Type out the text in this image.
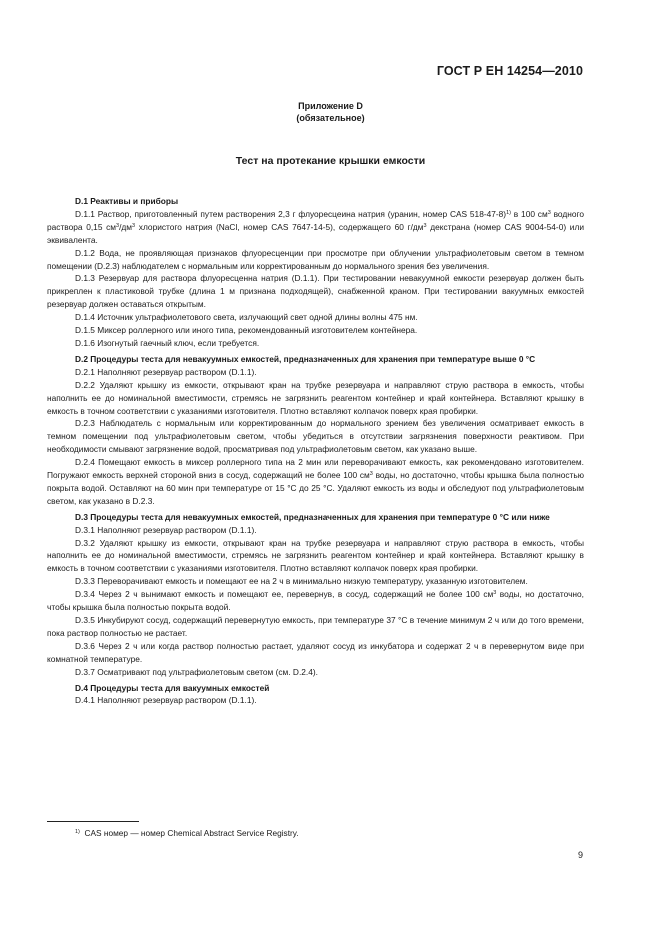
ГОСТ Р ЕН 14254—2010
Приложение D
(обязательное)
Тест на протекание крышки емкости

D.1 Реактивы и приборы

D.1.1 Раствор, приготовленный путем растворения 2,3 г флуоресцеина натрия (уранин, номер CAS 518-47-8)$^{1)}$ в 100 $см^3$ водного раствора 0,15 $см^3/дм^3$ хлористого натрия (NaCl, номер CAS 7647-14-5), содержащего 60 $г/дм^3$ декстрана (номер CAS 9004-54-0) или эквивалента.

D.1.2 Вода, не проявляющая признаков флуоресценции при просмотре при облучении ультрафиолетовым светом в темном помещении (D.2.3) наблюдателем с нормальным или корректированным до нормального зрения без увеличения.

D.1.3 Резервуар для раствора флуоресценна натрия (D.1.1). При тестировании невакуумной емкости резервуар должен быть прикреплен к пластиковой трубке (длина 1 м признана подходящей), снабженной краном. При тестировании вакуумных емкостей резервуар должен оставаться открытым.

D.1.4 Источник ультрафиолетового света, излучающий свет одной длины волны 475 нм.

D.1.5 Миксер роллерного или иного типа, рекомендованный изготовителем контейнера.

D.1.6 Изогнутый гаечный ключ, если требуется.

D.2 Процедуры теста для невакуумных емкостей, предназначенных для хранения при температуре выше 0 °С

D.2.1 Наполняют резервуар раствором (D.1.1).

D.2.2 Удаляют крышку из емкости, открывают кран на трубке резервуара и направляют струю раствора в емкость, чтобы наполнить ее до номинальной вместимости, стремясь не загрязнить реагентом контейнер и край контейнера. Вставляют крышку в емкость в точном соответствии с указаниями изготовителя. Плотно вставляют колпачок поверх края пробирки.

D.2.3 Наблюдатель с нормальным или корректированным до нормального зрением без увеличения осматривает емкость в темном помещении под ультрафиолетовым светом, чтобы убедиться в отсутствии загрязнения поверхности реактивом. При необходимости смывают загрязнение водой, просматривая под ультрафиолетовым светом, как указано выше.

D.2.4 Помещают емкость в миксер роллерного типа на 2 мин или переворачивают емкость, как рекомендовано изготовителем. Погружают емкость верхней стороной вниз в сосуд, содержащий не более 100 $см^3$ воды, но достаточно, чтобы крышка была полностью покрыта водой. Оставляют на 60 мин при температуре от 15 °С до 25 °С. Удаляют емкость из воды и обследуют под ультрафиолетовым светом, как указано в D.2.3.

D.3 Процедуры теста для невакуумных емкостей, предназначенных для хранения при температуре 0 °С или ниже

D.3.1 Наполняют резервуар раствором (D.1.1).

D.3.2 Удаляют крышку из емкости, открывают кран на трубке резервуара и направляют струю раствора в емкость, чтобы наполнить ее до номинальной вместимости, стремясь не загрязнить реагентом контейнер и край контейнера. Вставляют крышку в емкость в точном соответствии с указаниями изготовителя. Плотно вставляют колпачок поверх края пробирки.

D.3.3 Переворачивают емкость и помещают ее на 2 ч в минимально низкую температуру, указанную изготовителем.

D.3.4 Через 2 ч вынимают емкость и помещают ее, перевернув, в сосуд, содержащий не более 100 $см^3$ воды, но достаточно, чтобы крышка была полностью покрыта водой.

D.3.5 Инкубируют сосуд, содержащий перевернутую емкость, при температуре 37 °С в течение минимум 2 ч или до того времени, пока раствор полностью не растает.

D.3.6 Через 2 ч или когда раствор полностью растает, удаляют сосуд из инкубатора и содержат 2 ч в перевернутом виде при комнатной температуре.

D.3.7 Осматривают под ультрафиолетовым светом (см. D.2.4).

D.4 Процедуры теста для вакуумных емкостей

D.4.1 Наполняют резервуар раствором (D.1.1).

$^{1)}$ CAS номер — номер Chemical Abstract Service Registry.
9
